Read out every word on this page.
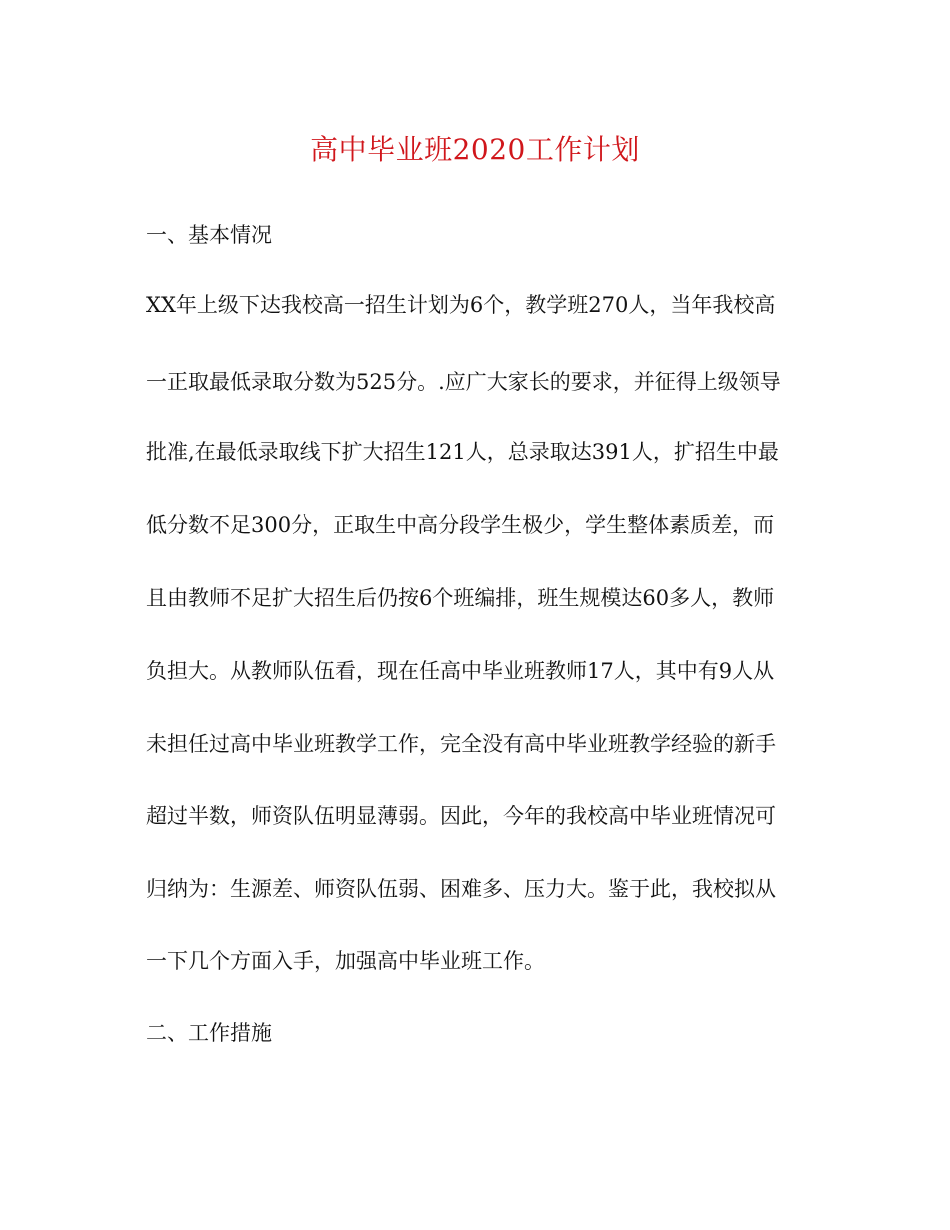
高中毕业班2020工作计划
一、基本情况

XX年上级下达我校高一招生计划为6个，教学班270人，当年我校高

一正取最低录取分数为525分。.应广大家长的要求，并征得上级领导

批准,在最低录取线下扩大招生121人，总录取达391人，扩招生中最

低分数不足300分，正取生中高分段学生极少，学生整体素质差，而

且由教师不足扩大招生后仍按6个班编排，班生规模达60多人，教师

负担大。从教师队伍看，现在任高中毕业班教师17人，其中有9人从

未担任过高中毕业班教学工作，完全没有高中毕业班教学经验的新手

超过半数，师资队伍明显薄弱。因此，今年的我校高中毕业班情况可

归纳为：生源差、师资队伍弱、困难多、压力大。鉴于此，我校拟从

一下几个方面入手，加强高中毕业班工作。

二、工作措施
